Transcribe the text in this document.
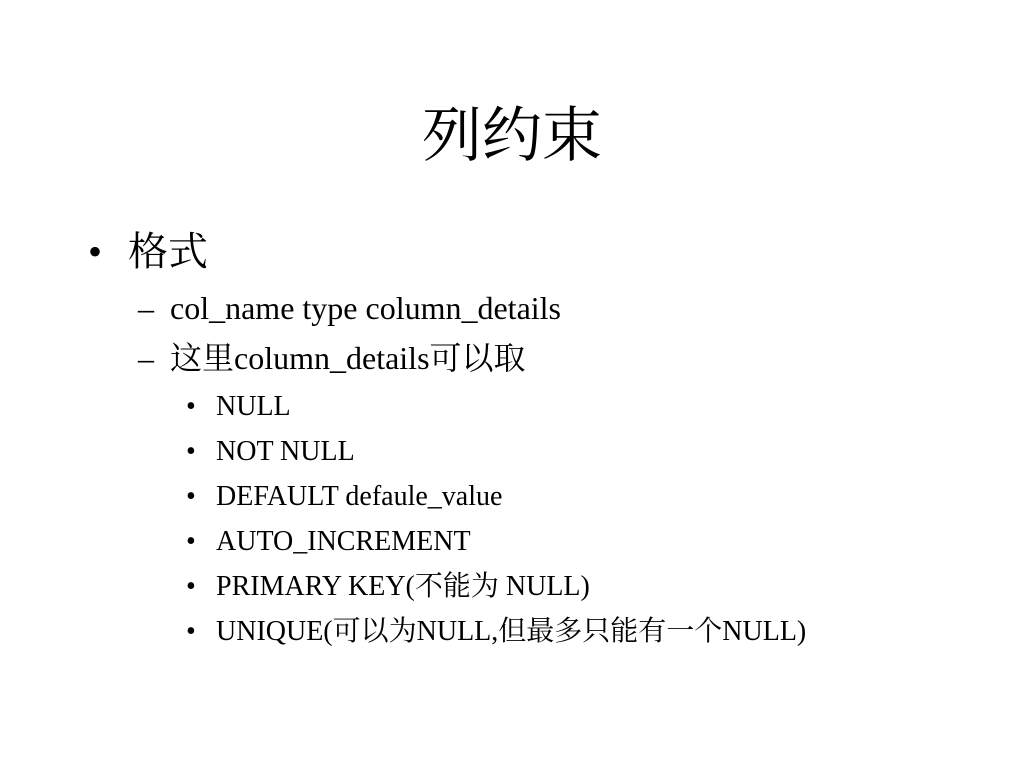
列约束
• 格式
– col_name type column_details
– 这里column_details可以取
• NULL
• NOT NULL
• DEFAULT defaule_value
• AUTO_INCREMENT
• PRIMARY KEY(不能为 NULL)
• UNIQUE(可以为NULL,但最多只能有一个NULL)
